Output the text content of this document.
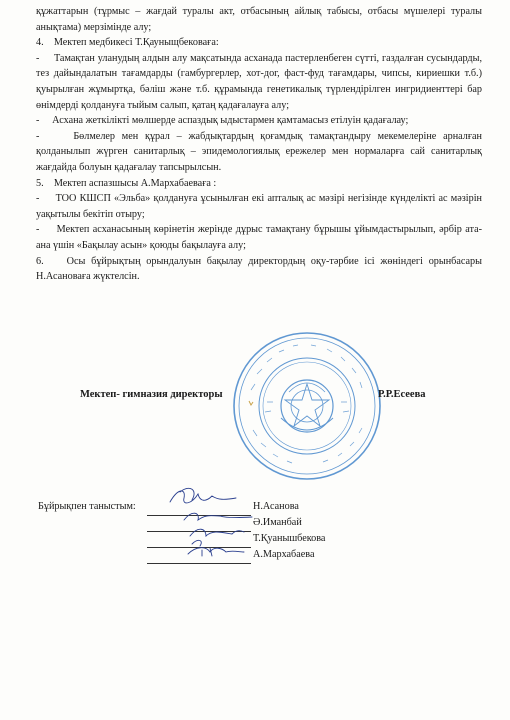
құжаттарын (тұрмыс – жағдай туралы акт, отбасының айлық табысы, отбасы мүшелері туралы анықтама) мерзімінде алу;

4.    Мектеп медбикесі Т.Қауныщбековаға:

-     Тамақтан уланудың алдын алу мақсатында асханада пастерленбеген сүтті, газдалған сусындарды, тез дайындалатын тағамдарды (гамбургерлер, хот-дог, фаст-фуд тағамдары, чипсы, кириешки т.б.) қуырылған жұмыртқа, бәліш және т.б. құрамында генетикалық түрлендірілген ингридиенттері бар өнімдерді қолдануға тыйым салып, қатаң қадағалауға алу;

-     Асхана жеткілікті мөлшерде аспаздық ыдыстармен қамтамасыз етілуін қадағалау;

-     Бөлмелер мен құрал – жабдықтардың қоғамдық тамақтандыру мекемелеріне арналған қолданылып жүрген санитарлық – эпидемологиялық ережелер мен нормаларға сай санитарлық жағдайда болуын қадағалау тапсырылсын.

5.    Мектеп аспазшысы А.Мархабаеваға :

-     ТОО КШСП «Эльба» қолдануға ұсынылған екі апталық ас мәзірі негізінде күнделікті ас мәзірін уақытылы бекітіп отыру;

-     Мектеп асханасының көрінетін жерінде дұрыс тамақтану бұрышы ұйымдастырылып, әрбір ата-ана үшін «Бақылау асын» қоюды бақылауға алу;

6.    Осы бұйрықтың орындалуын бақылау директордың оқу-тәрбие ісі жөніндегі орынбасары Н.Асановаға жүктелсін.

Мектеп- гимназия директоры	Р.Р.Есеева
Бұйрықпен таныстым:	Н.Асанова
Ә.Иманбай
Т.Қуанышбекова
А.Мархабаева
